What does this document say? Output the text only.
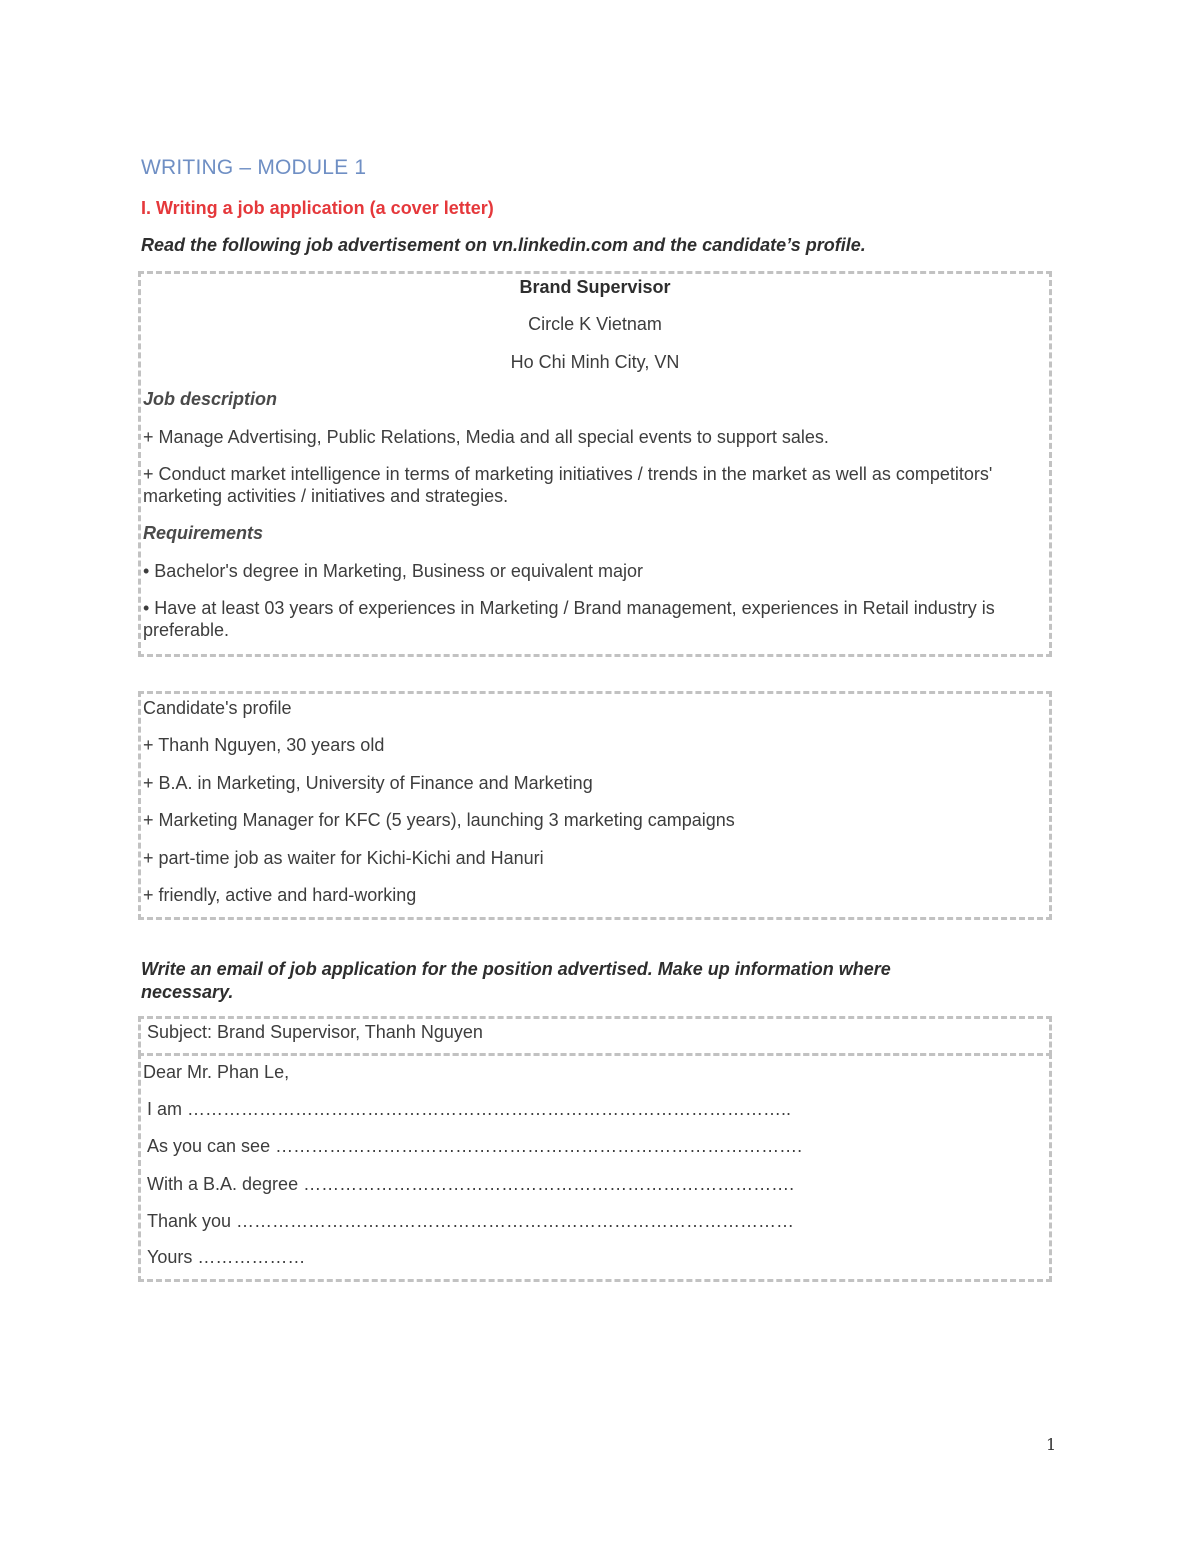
WRITING – MODULE 1
I. Writing a job application (a cover letter)
Read the following job advertisement on vn.linkedin.com and the candidate’s profile.
Brand Supervisor
Circle K Vietnam
Ho Chi Minh City, VN
Job description
+ Manage Advertising, Public Relations, Media and all special events to support sales.
+ Conduct market intelligence in terms of marketing initiatives / trends in the market as well as competitors' marketing activities / initiatives and strategies.
Requirements
• Bachelor's degree in Marketing, Business or equivalent major
• Have at least 03 years of experiences in Marketing / Brand management, experiences in Retail industry is preferable.
Candidate's profile
+ Thanh Nguyen, 30 years old
+ B.A. in Marketing, University of Finance and Marketing
+ Marketing Manager for KFC (5 years), launching 3 marketing campaigns
+ part-time job as waiter for Kichi-Kichi and Hanuri
+ friendly, active and hard-working
Write an email of job application for the position advertised. Make up information where necessary.
Subject: Brand Supervisor, Thanh Nguyen
Dear Mr. Phan Le,
I am ………………………………………………………………………………………..
As you can see …………………………………………………………………………….
With a B.A. degree ……………………………………………………………………….
Thank you …………………………………………………………………………………
Yours ………………
1
